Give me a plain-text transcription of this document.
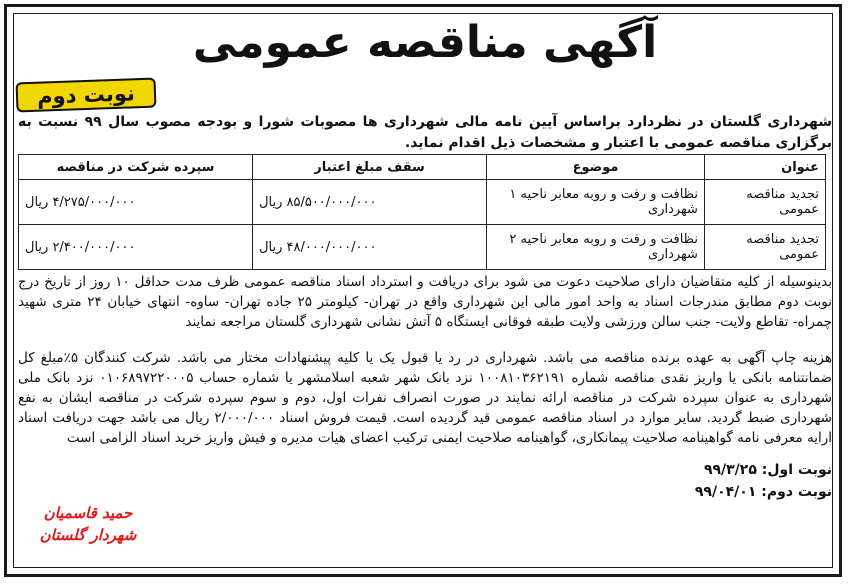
آگهی مناقصه عمومی
نوبت دوم
شهرداری گلستان در نظردارد براساس آیین نامه مالی شهرداری ها مصوبات شورا و بودجه مصوب سال ۹۹ نسبت به برگزاری مناقصه عمومی با اعتبار و مشخصات ذیل اقدام نماید.
عنوان	موضوع	سقف مبلغ اعتبار	سپرده شرکت در مناقصه
تجدید مناقصه عمومی	نظافت و رفت و روبه معابر ناحیه ۱ شهرداری	۸۵/۵۰۰/۰۰۰/۰۰۰ ریال	۴/۲۷۵/۰۰۰/۰۰۰ ریال
تجدید مناقصه عمومی	نظافت و رفت و روبه معابر ناحیه ۲ شهرداری	۴۸/۰۰۰/۰۰۰/۰۰۰ ریال	۲/۴۰۰/۰۰۰/۰۰۰ ریال
بدینوسیله از کلیه متقاضیان دارای صلاحیت دعوت می شود برای دریافت و استرداد اسناد مناقصه عمومی ظرف مدت حداقل ۱۰ روز از تاریخ درج نوبت دوم مطابق مندرجات اسناد به واحد امور مالی این شهرداری واقع در تهران- کیلومتر ۲۵ جاده تهران- ساوه- انتهای خیابان ۲۴ متری شهید چمراه- تقاطع ولایت- جنب سالن ورزشی ولایت طبقه فوقانی ایستگاه ۵ آتش نشانی شهرداری گلستان مراجعه نمایند
هزینه چاپ آگهی به عهده برنده مناقصه می باشد. شهرداری در رد یا قبول یک یا کلیه پیشنهادات مختار می باشد. شرکت کنندگان ۵٪مبلغ کل ضمانتنامه بانکی یا واریز نقدی مناقصه شماره ۱۰۰۸۱۰۳۶۲۱۹۱ نزد بانک شهر شعبه اسلامشهر یا شماره حساب ۰۱۰۶۸۹۷۲۲۰۰۰۵ نزد بانک ملی شهرداری به عنوان سپرده شرکت در مناقصه ارائه نمایند در صورت انصراف نفرات اول، دوم و سوم سپرده شرکت در مناقصه ایشان به نفع شهرداری ضبط گردید. سایر موارد در اسناد مناقصه عمومی قید گردیده است. قیمت فروش اسناد ۲/۰۰۰/۰۰۰ ریال می باشد جهت دریافت اسناد ارایه معرفی نامه گواهینامه صلاحیت پیمانکاری، گواهینامه صلاحیت ایمنی ترکیب اعضای هیات مدیره و فیش واریز خرید اسناد الزامی است
نوبت اول: ۹۹/۳/۲۵
نوبت دوم: ۹۹/۰۴/۰۱
حمید قاسمیان
شهردار گلستان
